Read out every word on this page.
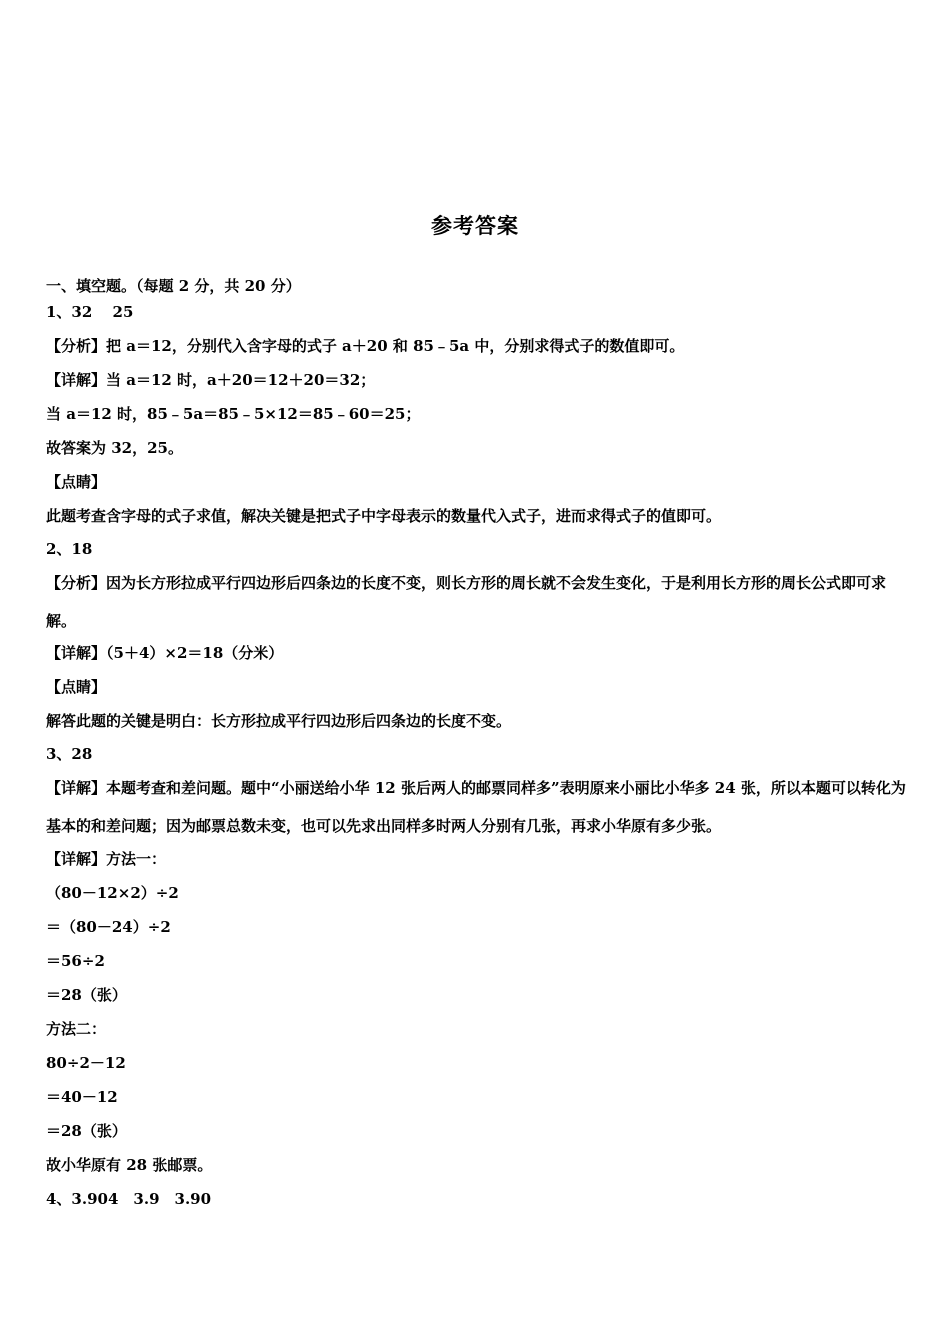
参考答案
一、填空题。（每题 2 分，共 20 分）
1、32　 25
【分析】把 a＝12，分别代入含字母的式子 a＋20 和 85﹣5a 中，分别求得式子的数值即可。
【详解】当 a＝12 时，a＋20＝12＋20＝32；
当 a＝12 时，85﹣5a＝85﹣5×12＝85﹣60＝25；
故答案为 32，25。
【点睛】
此题考查含字母的式子求值，解决关键是把式子中字母表示的数量代入式子，进而求得式子的值即可。
2、18
【分析】因为长方形拉成平行四边形后四条边的长度不变，则长方形的周长就不会发生变化，于是利用长方形的周长公式即可求解。
【详解】（5＋4）×2＝18（分米）
【点睛】
解答此题的关键是明白：长方形拉成平行四边形后四条边的长度不变。
3、28
【详解】本题考查和差问题。题中“小丽送给小华 12 张后两人的邮票同样多”表明原来小丽比小华多 24 张，所以本题可以转化为基本的和差问题；因为邮票总数未变，也可以先求出同样多时两人分别有几张，再求小华原有多少张。
【详解】方法一：
（80－12×2）÷2
＝（80－24）÷2
＝56÷2
＝28（张）
方法二：
80÷2－12
＝40－12
＝28（张）
故小华原有 28 张邮票。
4、3.904　3.9　3.90
